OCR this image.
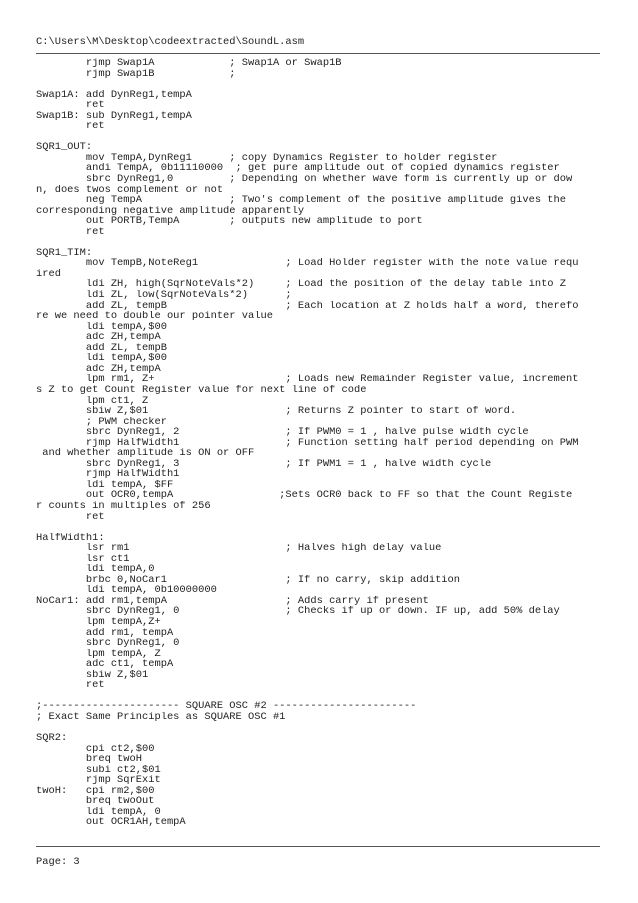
C:\Users\M\Desktop\codeextracted\SoundL.asm
rjmp Swap1A            ; Swap1A or Swap1B
rjmp Swap1B            ;

Swap1A: add DynReg1,tempA
ret
Swap1B: sub DynReg1,tempA
ret

SQR1_OUT:
mov TempA,DynReg1      ; copy Dynamics Register to holder register
andi TempA, 0b11110000  ; get pure amplitude out of copied dynamics register
sbrc DynReg1,0         ; Depending on whether wave form is currently up or dow
n, does twos complement or not
neg TempA              ; Two's complement of the positive amplitude gives the
corresponding negative amplitude apparently
out PORTB,TempA        ; outputs new amplitude to port
ret

SQR1_TIM:
mov TempB,NoteReg1              ; Load Holder register with the note value requ
ired
ldi ZH, high(SqrNoteVals*2)     ; Load the position of the delay table into Z
ldi ZL, low(SqrNoteVals*2)      ;
add ZL, tempB                   ; Each location at Z holds half a word, therefo
re we need to double our pointer value
ldi tempA,$00
adc ZH,tempA
add ZL, tempB
ldi tempA,$00
adc ZH,tempA
lpm rm1, Z+                     ; Loads new Remainder Register value, increment
s Z to get Count Register value for next line of code
lpm ct1, Z
sbiw Z,$01                      ; Returns Z pointer to start of word.
; PWM checker
sbrc DynReg1, 2                 ; If PWM0 = 1 , halve pulse width cycle
rjmp HalfWidth1                 ; Function setting half period depending on PWM
and whether amplitude is ON or OFF
sbrc DynReg1, 3                 ; If PWM1 = 1 , halve width cycle
rjmp HalfWidth1
ldi tempA, $FF
out OCR0,tempA                 ;Sets OCR0 back to FF so that the Count Registe
r counts in multiples of 256
ret

HalfWidth1:
lsr rm1                         ; Halves high delay value
lsr ct1
ldi tempA,0
brbc 0,NoCar1                   ; If no carry, skip addition
ldi tempA, 0b10000000
NoCar1: add rm1,tempA                   ; Adds carry if present
sbrc DynReg1, 0                 ; Checks if up or down. IF up, add 50% delay
lpm tempA,Z+
add rm1, tempA
sbrc DynReg1, 0
lpm tempA, Z
adc ct1, tempA
sbiw Z,$01
ret

;---------------------- SQUARE OSC #2 -----------------------
; Exact Same Principles as SQUARE OSC #1

SQR2:
cpi ct2,$00
breq twoH
subi ct2,$01
rjmp SqrExit
twoH:   cpi rm2,$00
breq twoOut
ldi tempA, 0
out OCR1AH,tempA
Page: 3
